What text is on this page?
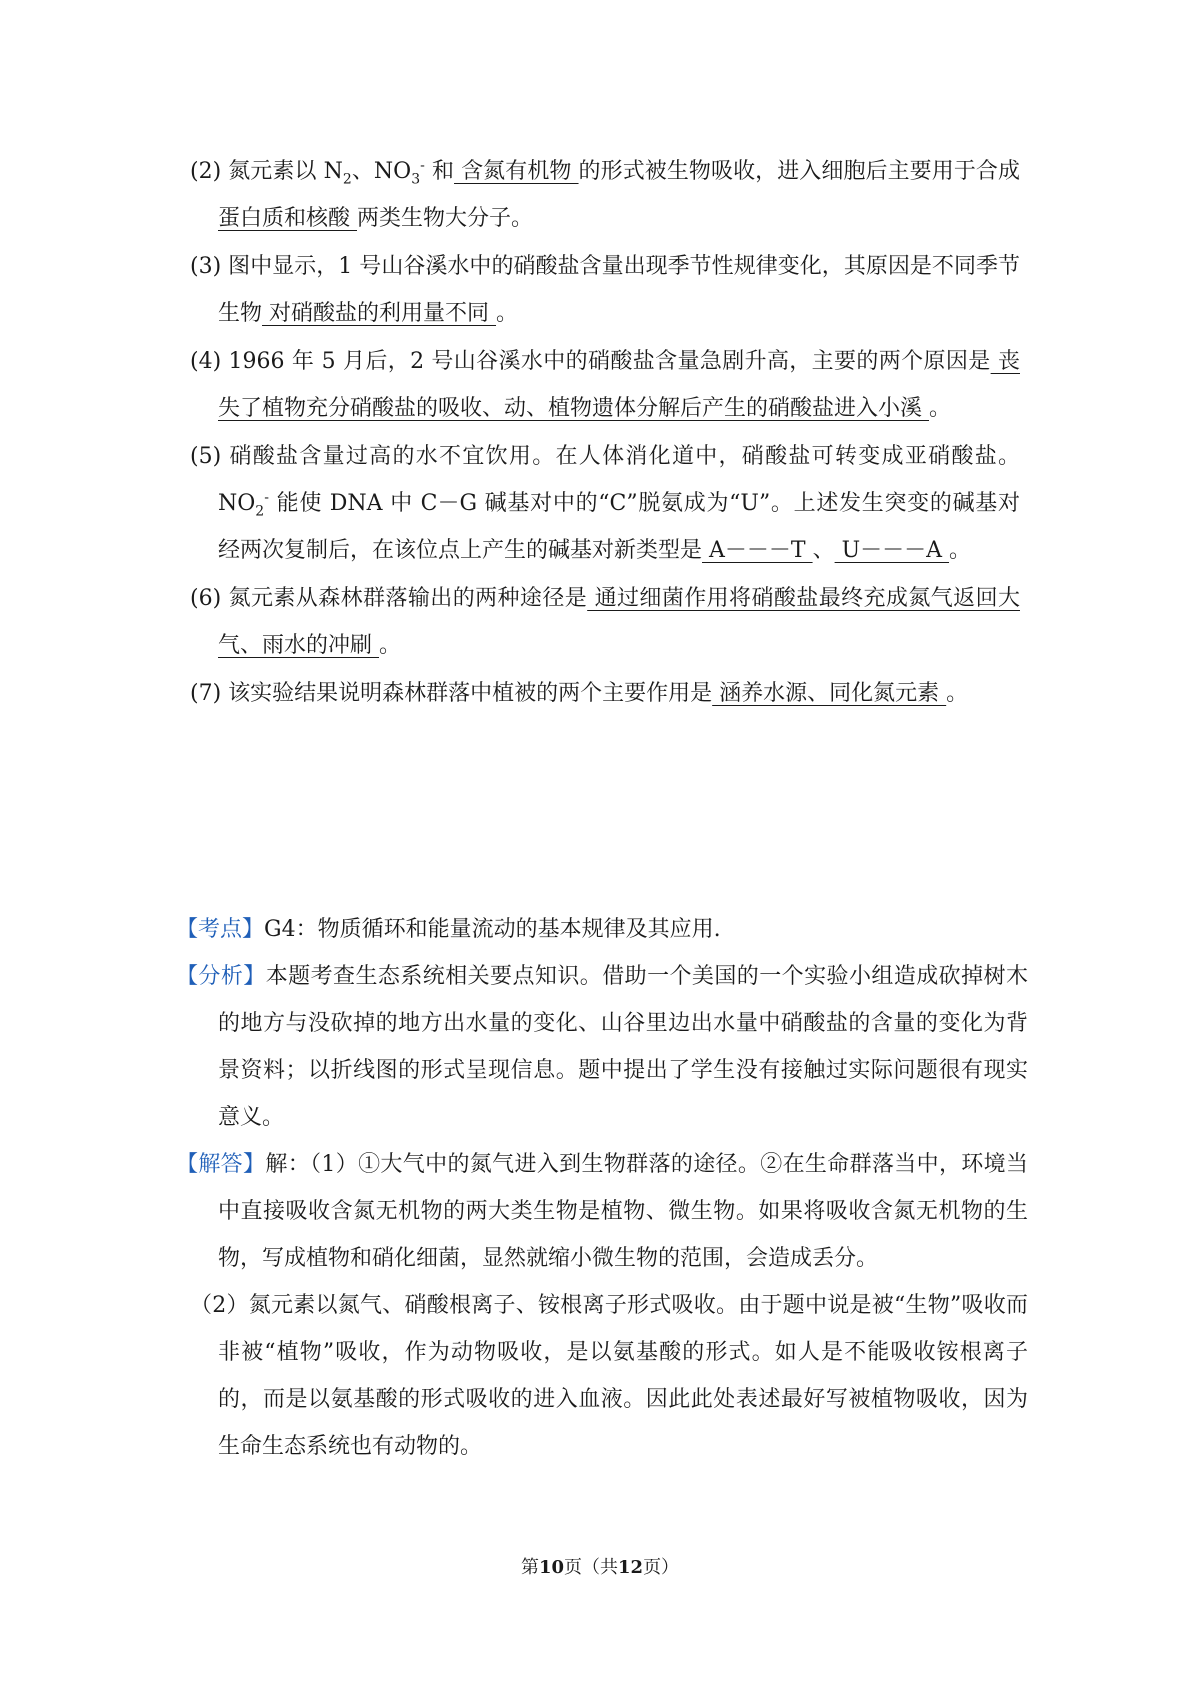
(2) 氮元素以 $N_2$、$NO_3^-$ 和 含氮有机物 的形式被生物吸收，进入细胞后主要用于合成 蛋白质和核酸 两类生物大分子。

(3) 图中显示，1 号山谷溪水中的硝酸盐含量出现季节性规律变化，其原因是不同季节生物 对硝酸盐的利用量不同 。

(4) 1966 年 5 月后，2 号山谷溪水中的硝酸盐含量急剧升高，主要的两个原因是 丧失了植物充分硝酸盐的吸收、动、植物遗体分解后产生的硝酸盐进入小溪 。

(5) 硝酸盐含量过高的水不宜饮用。在人体消化道中，硝酸盐可转变成亚硝酸盐。$NO_2^-$ 能使 DNA 中 C－G 碱基对中的“C”脱氨成为“U”。上述发生突变的碱基对经两次复制后，在该位点上产生的碱基对新类型是 A－－－T 、 U－－－A 。

(6) 氮元素从森林群落输出的两种途径是 通过细菌作用将硝酸盐最终充成氮气返回大气、雨水的冲刷 。

(7) 该实验结果说明森林群落中植被的两个主要作用是 涵养水源、同化氮元素 。

【考点】G4：物质循环和能量流动的基本规律及其应用.

【分析】本题考查生态系统相关要点知识。借助一个美国的一个实验小组造成砍掉树木的地方与没砍掉的地方出水量的变化、山谷里边出水量中硝酸盐的含量的变化为背景资料；以折线图的形式呈现信息。题中提出了学生没有接触过实际问题很有现实意义。

【解答】解：（1）①大气中的氮气进入到生物群落的途径。②在生命群落当中，环境当中直接吸收含氮无机物的两大类生物是植物、微生物。如果将吸收含氮无机物的生物，写成植物和硝化细菌，显然就缩小微生物的范围，会造成丢分。

（2）氮元素以氮气、硝酸根离子、铵根离子形式吸收。由于题中说是被“生物”吸收而非被“植物”吸收，作为动物吸收，是以氨基酸的形式。如人是不能吸收铵根离子的，而是以氨基酸的形式吸收的进入血液。因此此处表述最好写被植物吸收，因为生命生态系统也有动物的。

第10页（共12页）
